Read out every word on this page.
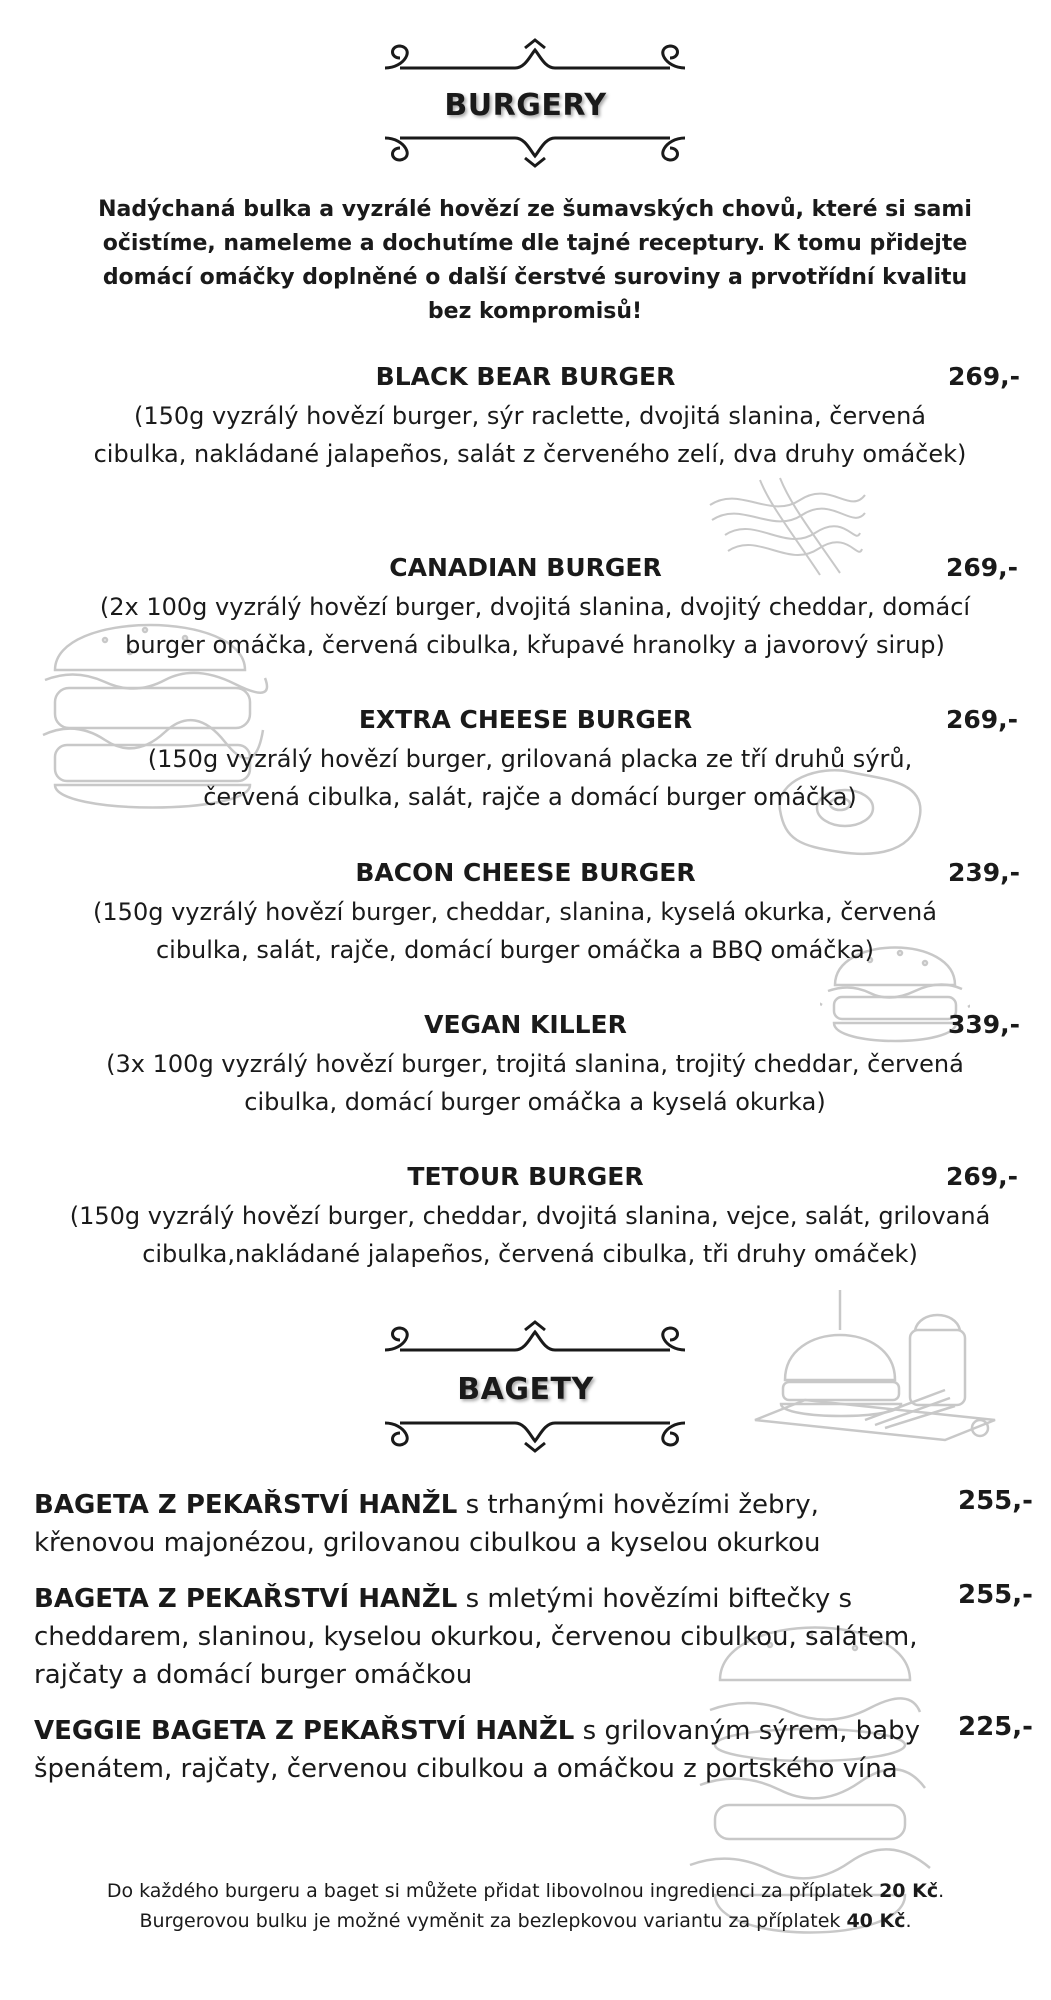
BURGERY
Nadýchaná bulka a vyzrálé hovězí ze šumavských chovů, které si sami očistíme, nameleme a dochutíme dle tajné receptury. K tomu přidejte domácí omáčky doplněné o další čerstvé suroviny a prvotřídní kvalitu bez kompromisů!
BLACK BEAR BURGER	269,-
(150g vyzrálý hovězí burger, sýr raclette, dvojitá slanina, červená cibulka, nakládané jalapeños, salát z červeného zelí, dva druhy omáček)
CANADIAN BURGER	269,-
(2x 100g vyzrálý hovězí burger, dvojitá slanina, dvojitý cheddar, domácí burger omáčka, červená cibulka, křupavé hranolky a javorový sirup)
EXTRA CHEESE BURGER	269,-
(150g vyzrálý hovězí burger, grilovaná placka ze tří druhů sýrů, červená cibulka, salát, rajče a domácí burger omáčka)
BACON CHEESE BURGER	239,-
(150g vyzrálý hovězí burger, cheddar, slanina, kyselá okurka, červená cibulka, salát, rajče, domácí burger omáčka a BBQ omáčka)
VEGAN KILLER	339,-
(3x 100g vyzrálý hovězí burger, trojitá slanina, trojitý cheddar, červená cibulka, domácí burger omáčka a kyselá okurka)
TETOUR BURGER	269,-
(150g vyzrálý hovězí burger, cheddar, dvojitá slanina, vejce, salát, grilovaná cibulka,nakládané jalapeños, červená cibulka, tři druhy omáček)
BAGETY
BAGETA Z PEKAŘSTVÍ HANŽL s trhanými hovězími žebry, křenovou majonézou, grilovanou cibulkou a kyselou okurkou
255,-
BAGETA Z PEKAŘSTVÍ HANŽL s mletými hovězími biftečky s cheddarem, slaninou, kyselou okurkou, červenou cibulkou, salátem, rajčaty a domácí burger omáčkou
255,-
VEGGIE BAGETA Z PEKAŘSTVÍ HANŽL s grilovaným sýrem, baby špenátem, rajčaty, červenou cibulkou a omáčkou z portského vína
225,-
Do každého burgeru a baget si můžete přidat libovolnou ingredienci za příplatek 20 Kč.
Burgerovou bulku je možné vyměnit za bezlepkovou variantu za příplatek 40 Kč.
